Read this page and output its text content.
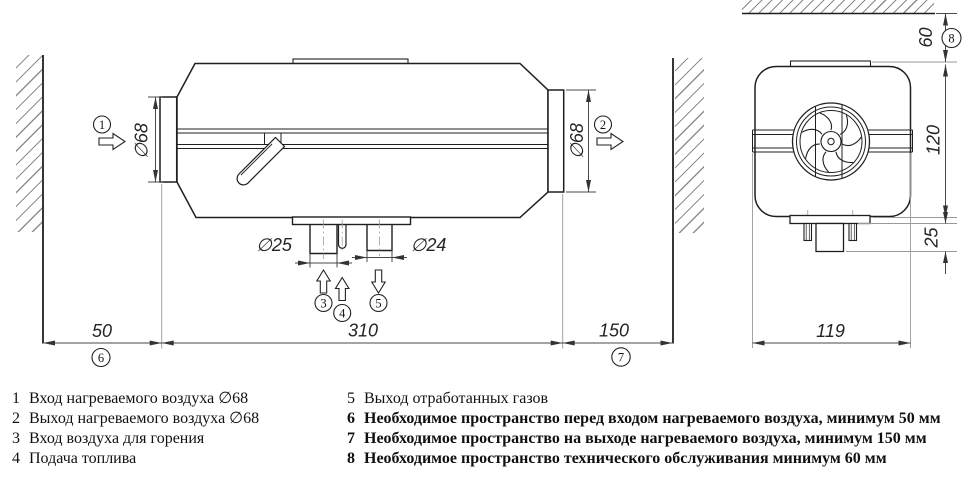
∅68	∅68
∅25	∅24
50	310	150	119
120
25
60
1	2
3
4
5
6	7
8
1 Вход нагреваемого воздуха ∅68
2 Выход нагреваемого воздуха ∅68
3 Вход воздуха для горения
4 Подача топлива
5 Выход отработанных газов
6 Необходимое пространство перед входом нагреваемого воздуха, минимум 50 мм
7 Необходимое пространство на выходе нагреваемого воздуха, минимум 150 мм
8 Необходимое пространство технического обслуживания минимум 60 мм
